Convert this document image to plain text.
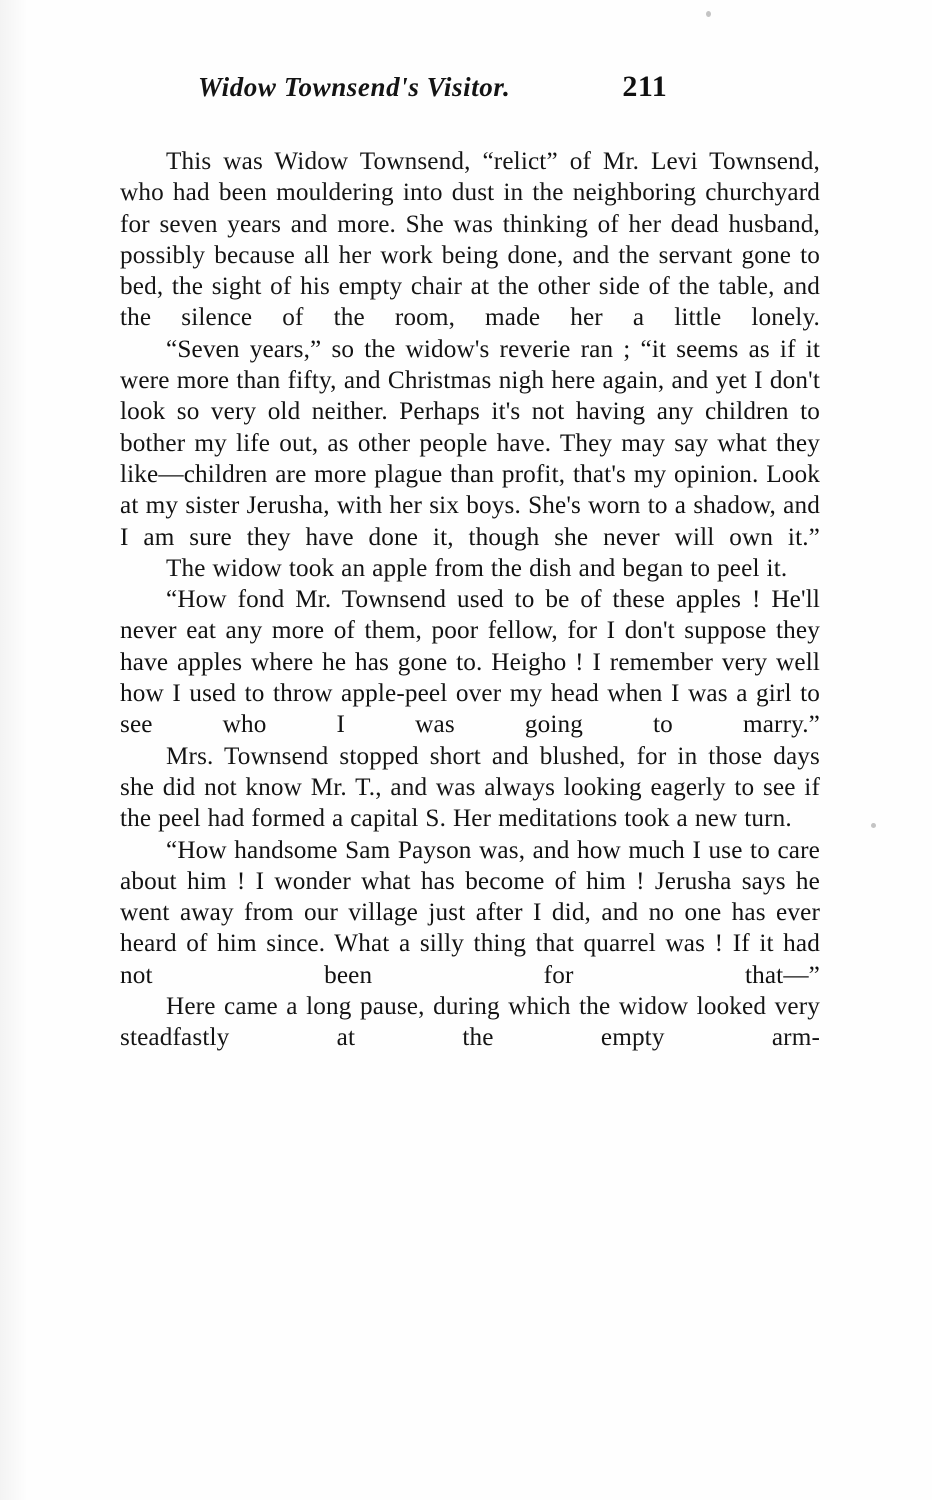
Widow Townsend's Visitor.	211

This was Widow Townsend, “relict” of Mr. Levi Townsend, who had been mouldering into dust in the neighboring churchyard for seven years and more. She was thinking of her dead husband, possibly because all her work being done, and the servant gone to bed, the sight of his empty chair at the other side of the table, and the silence of the room, made her a little lonely.

“Seven years,” so the widow's reverie ran ; “it seems as if it were more than fifty, and Christmas nigh here again, and yet I don't look so very old neither. Perhaps it's not having any children to bother my life out, as other people have. They may say what they like—children are more plague than profit, that's my opinion. Look at my sister Jerusha, with her six boys. She's worn to a shadow, and I am sure they have done it, though she never will own it.”

The widow took an apple from the dish and began to peel it.

“How fond Mr. Townsend used to be of these apples ! He'll never eat any more of them, poor fellow, for I don't suppose they have apples where he has gone to. Heigho ! I remember very well how I used to throw apple-peel over my head when I was a girl to see who I was going to marry.”

Mrs. Townsend stopped short and blushed, for in those days she did not know Mr. T., and was always looking eagerly to see if the peel had formed a capital S. Her meditations took a new turn.

“How handsome Sam Payson was, and how much I use to care about him ! I wonder what has become of him ! Jerusha says he went away from our village just after I did, and no one has ever heard of him since. What a silly thing that quarrel was ! If it had not been for that—”

Here came a long pause, during which the widow looked very steadfastly at the empty arm-
